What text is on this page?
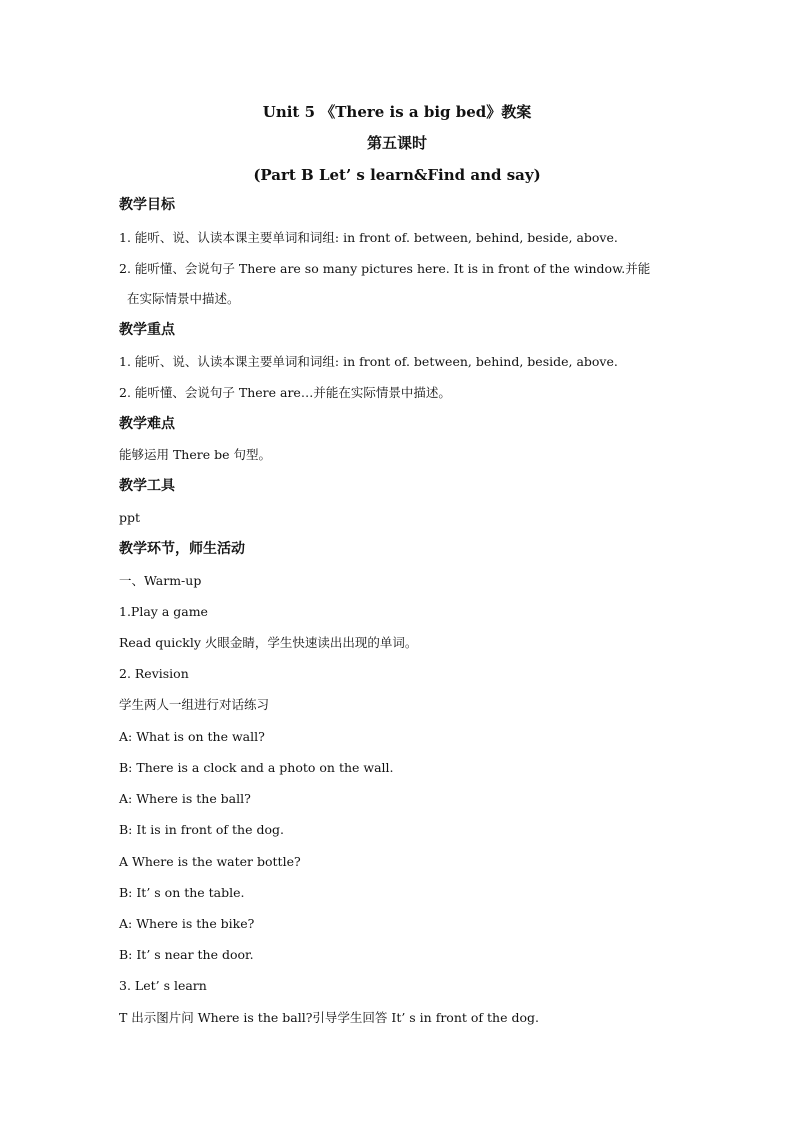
Unit 5 《There is a big bed》教案
第五课时
(Part B Let’ s learn&Find and say)
教学目标
1. 能听、说、认读本课主要单词和词组: in front of. between, behind, beside, above.
2. 能听懂、会说句子 There are so many pictures here. It is in front of the window.并能
在实际情景中描述。
教学重点
1. 能听、说、认读本课主要单词和词组: in front of. between, behind, beside, above.
2. 能听懂、会说句子 There are…并能在实际情景中描述。
教学难点
能够运用 There be 句型。
教学工具
ppt
教学环节，师生活动
一、Warm-up
1.Play a game
Read quickly 火眼金睛，学生快速读出出现的单词。
2. Revision
学生两人一组进行对话练习
A: What is on the wall?
B: There is a clock and a photo on the wall.
A: Where is the ball?
B: It is in front of the dog.
A Where is the water bottle?
B: It’ s on the table.
A: Where is the bike?
B: It’ s near the door.
3. Let’ s learn
T 出示图片问 Where is the ball?引导学生回答 It’ s in front of the dog.
